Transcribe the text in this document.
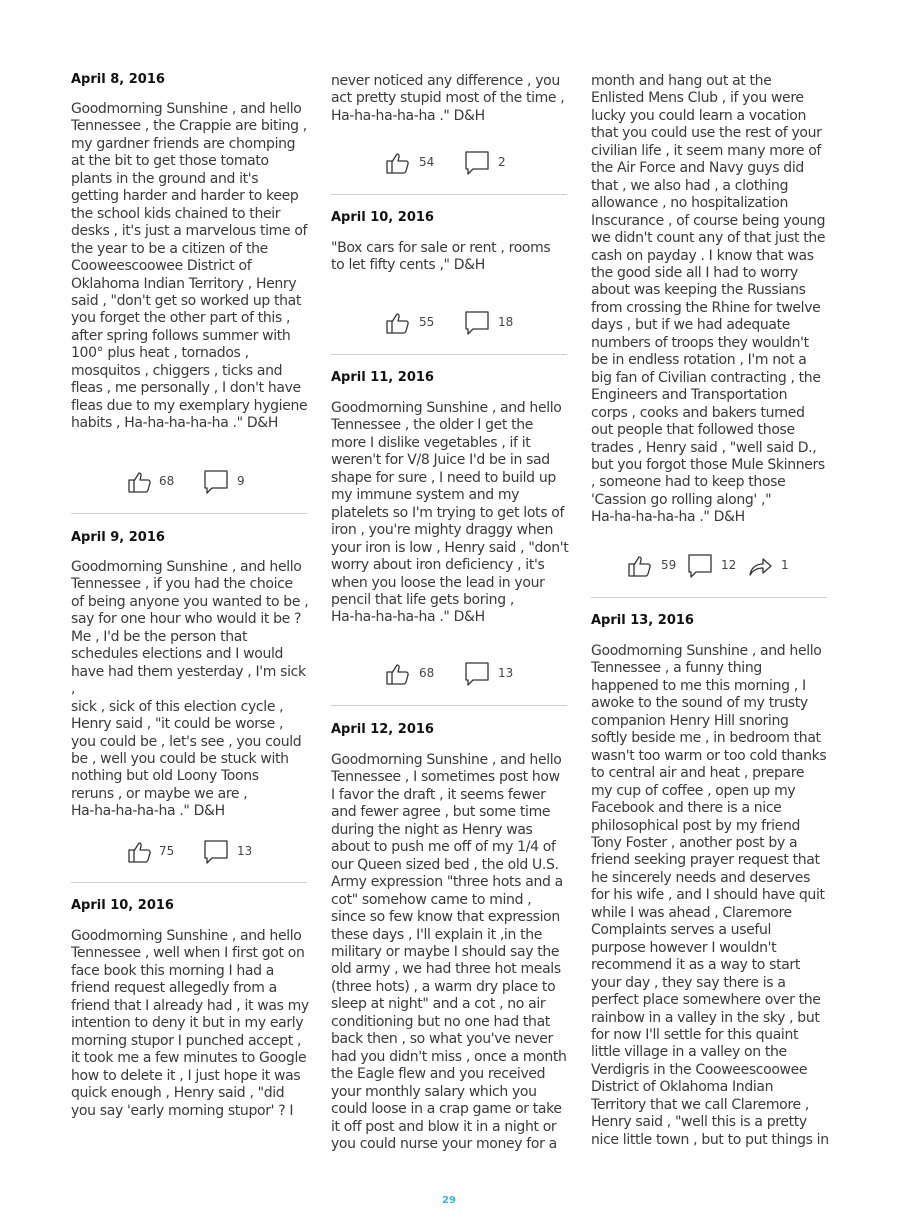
April 8, 2016
Goodmorning Sunshine , and hello
Tennessee , the Crappie are biting ,
my gardner friends are chomping
at the bit to get those tomato
plants in the ground and it's
getting harder and harder to keep
the school kids chained to their
desks , it's just a marvelous time of
the year to be a citizen of the
Cooweescoowee District of
Oklahoma Indian Territory , Henry
said , "don't get so worked up that
you forget the other part of this ,
after spring follows summer with
100° plus heat , tornados ,
mosquitos , chiggers , ticks and
fleas , me personally , I don't have
fleas due to my exemplary hygiene
habits , Ha-ha-ha-ha-ha ." D&H
68	9
April 9, 2016
Goodmorning Sunshine , and hello
Tennessee , if you had the choice
of being anyone you wanted to be ,
say for one hour who would it be ?
Me , I'd be the person that
schedules elections and I would
have had them yesterday , I'm sick ,
sick , sick of this election cycle ,
Henry said , "it could be worse ,
you could be , let's see , you could
be , well you could be stuck with
nothing but old Loony Toons
reruns , or maybe we are ,
Ha-ha-ha-ha-ha ." D&H
75	13
April 10, 2016
Goodmorning Sunshine , and hello
Tennessee , well when I first got on
face book this morning I had a
friend request allegedly from a
friend that I already had , it was my
intention to deny it but in my early
morning stupor I punched accept ,
it took me a few minutes to Google
how to delete it , I just hope it was
quick enough , Henry said , "did
you say 'early morning stupor' ? I
never noticed any difference , you
act pretty stupid most of the time ,
Ha-ha-ha-ha-ha ." D&H
54	2
April 10, 2016
"Box cars for sale or rent , rooms
to let fifty cents ," D&H
55	18
April 11, 2016
Goodmorning Sunshine , and hello
Tennessee , the older I get the
more I dislike vegetables , if it
weren't for V/8 Juice I'd be in sad
shape for sure , I need to build up
my immune system and my
platelets so I'm trying to get lots of
iron , you're mighty draggy when
your iron is low , Henry said , "don't
worry about iron deficiency , it's
when you loose the lead in your
pencil that life gets boring ,
Ha-ha-ha-ha-ha ." D&H
68	13
April 12, 2016
Goodmorning Sunshine , and hello
Tennessee , I sometimes post how
I favor the draft , it seems fewer
and fewer agree , but some time
during the night as Henry was
about to push me off of my 1/4 of
our Queen sized bed , the old U.S.
Army expression "three hots and a
cot" somehow came to mind ,
since so few know that expression
these days , I'll explain it ,in the
military or maybe I should say the
old army , we had three hot meals
(three hots) , a warm dry place to
sleep at night" and a cot , no air
conditioning but no one had that
back then , so what you've never
had you didn't miss , once a month
the Eagle flew and you received
your monthly salary which you
could loose in a crap game or take
it off post and blow it in a night or
you could nurse your money for a
month and hang out at the
Enlisted Mens Club , if you were
lucky you could learn a vocation
that you could use the rest of your
civilian life , it seem many more of
the Air Force and Navy guys did
that , we also had , a clothing
allowance , no hospitalization
Inscurance , of course being young
we didn't count any of that just the
cash on payday . I know that was
the good side all I had to worry
about was keeping the Russians
from crossing the Rhine for twelve
days , but if we had adequate
numbers of troops they wouldn't
be in endless rotation , I'm not a
big fan of Civilian contracting , the
Engineers and Transportation
corps , cooks and bakers turned
out people that followed those
trades , Henry said , "well said D.,
but you forgot those Mule Skinners
, someone had to keep those
'Cassion go rolling along' ,"
Ha-ha-ha-ha-ha ." D&H
59	12	1
April 13, 2016
Goodmorning Sunshine , and hello
Tennessee , a funny thing
happened to me this morning , I
awoke to the sound of my trusty
companion Henry Hill snoring
softly beside me , in bedroom that
wasn't too warm or too cold thanks
to central air and heat , prepare
my cup of coffee , open up my
Facebook and there is a nice
philosophical post by my friend
Tony Foster , another post by a
friend seeking prayer request that
he sincerely needs and deserves
for his wife , and I should have quit
while I was ahead , Claremore
Complaints serves a useful
purpose however I wouldn't
recommend it as a way to start
your day , they say there is a
perfect place somewhere over the
rainbow in a valley in the sky , but
for now I'll settle for this quaint
little village in a valley on the
Verdigris in the Cooweescoowee
District of Oklahoma Indian
Territory that we call Claremore ,
Henry said , "well this is a pretty
nice little town , but to put things in
29
